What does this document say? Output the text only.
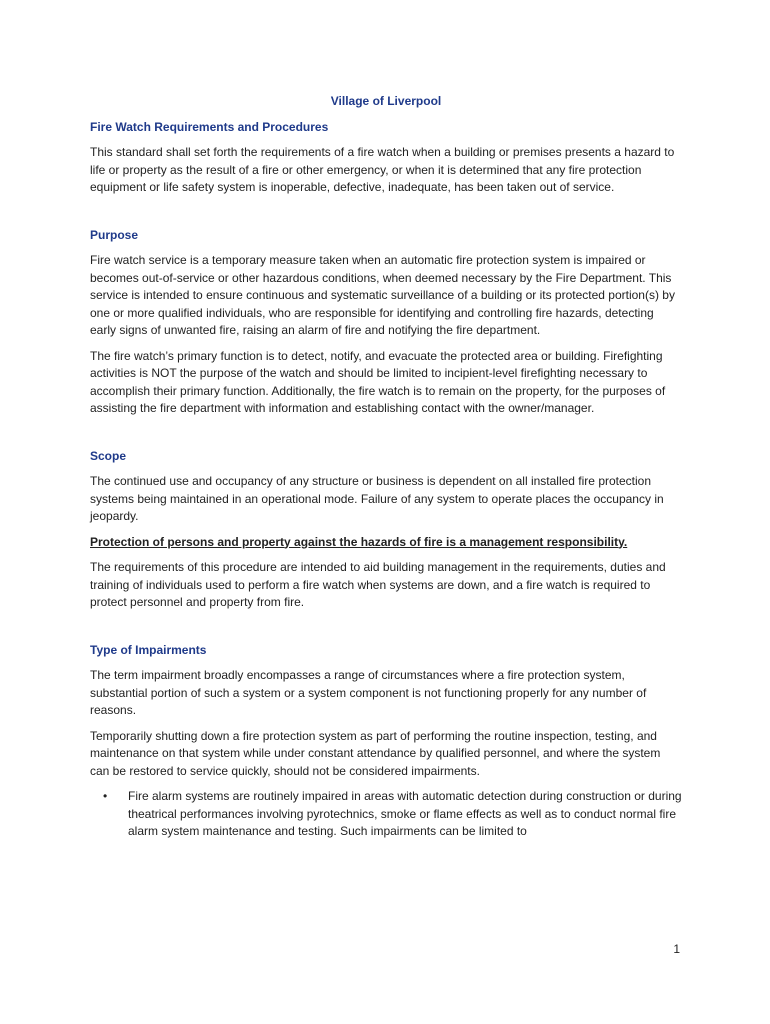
Village of Liverpool

Fire Watch Requirements and Procedures

This standard shall set forth the requirements of a fire watch when a building or premises presents a hazard to life or property as the result of a fire or other emergency, or when it is determined that any fire protection equipment or life safety system is inoperable, defective, inadequate, has been taken out of service.

Purpose

Fire watch service is a temporary measure taken when an automatic fire protection system is impaired or becomes out-of-service or other hazardous conditions, when deemed necessary by the Fire Department. This service is intended to ensure continuous and systematic surveillance of a building or its protected portion(s) by one or more qualified individuals, who are responsible for identifying and controlling fire hazards, detecting early signs of unwanted fire, raising an alarm of fire and notifying the fire department.

The fire watch’s primary function is to detect, notify, and evacuate the protected area or building. Firefighting activities is NOT the purpose of the watch and should be limited to incipient-level firefighting necessary to accomplish their primary function. Additionally, the fire watch is to remain on the property, for the purposes of assisting the fire department with information and establishing contact with the owner/manager.

Scope

The continued use and occupancy of any structure or business is dependent on all installed fire protection systems being maintained in an operational mode. Failure of any system to operate places the occupancy in jeopardy.

Protection of persons and property against the hazards of fire is a management responsibility.

The requirements of this procedure are intended to aid building management in the requirements, duties and training of individuals used to perform a fire watch when systems are down, and a fire watch is required to protect personnel and property from fire.

Type of Impairments

The term impairment broadly encompasses a range of circumstances where a fire protection system, substantial portion of such a system or a system component is not functioning properly for any number of reasons.

Temporarily shutting down a fire protection system as part of performing the routine inspection, testing, and maintenance on that system while under constant attendance by qualified personnel, and where the system can be restored to service quickly, should not be considered impairments.

• Fire alarm systems are routinely impaired in areas with automatic detection during construction or during theatrical performances involving pyrotechnics, smoke or flame effects as well as to conduct normal fire alarm system maintenance and testing. Such impairments can be limited to
1
